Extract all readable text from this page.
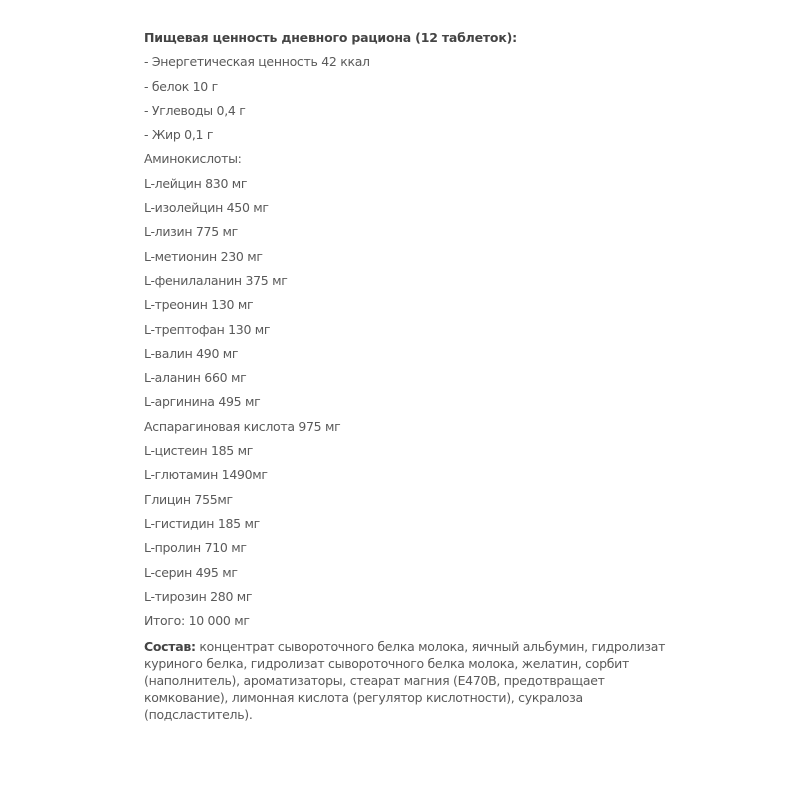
Пищевая ценность дневного рациона (12 таблеток):
- Энергетическая ценность 42 ккал
- белок 10 г
- Углеводы 0,4 г
- Жир 0,1 г
Аминокислоты:
L-лейцин 830 мг
L-изолейцин 450 мг
L-лизин 775 мг
L-метионин 230 мг
L-фенилаланин 375 мг
L-треонин 130 мг
L-трептофан 130 мг
L-валин 490 мг
L-аланин 660 мг
L-аргинина 495 мг
Аспарагиновая кислота 975 мг
L-цистеин 185 мг
L-глютамин 1490мг
Глицин 755мг
L-гистидин 185 мг
L-пролин 710 мг
L-серин 495 мг
L-тирозин 280 мг
Итого: 10 000 мг
Состав: концентрат сывороточного белка молока, яичный альбумин, гидролизат куриного белка, гидролизат сывороточного белка молока, желатин, сорбит (наполнитель), ароматизаторы, стеарат магния (E470B, предотвращает комкование), лимонная кислота (регулятор кислотности), сукралоза (подсластитель).
